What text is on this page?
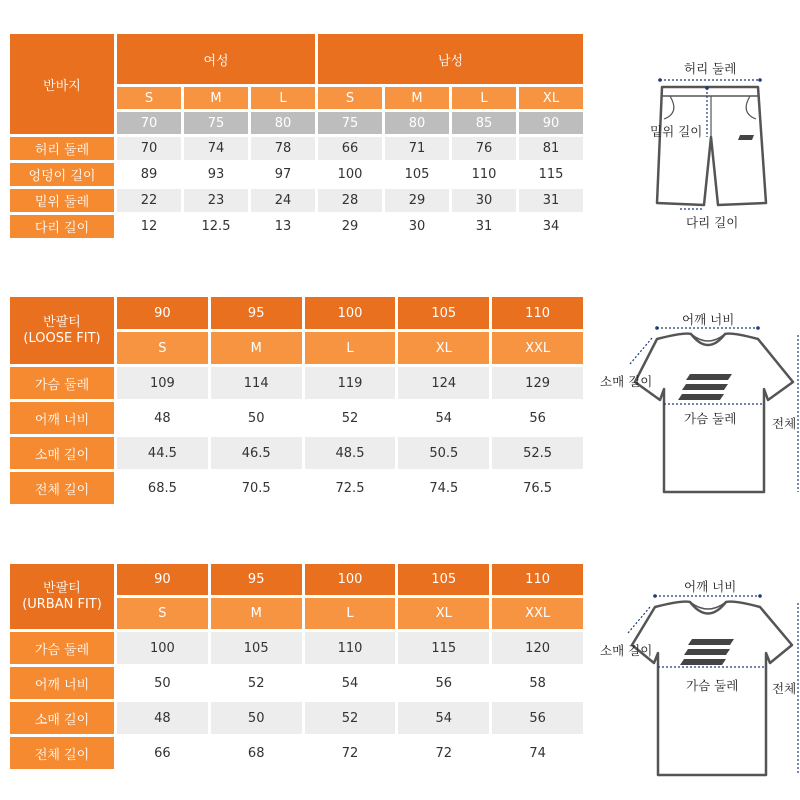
반바지	여성			남성			
	S	M	L	S	M	L	XL
	70	75	80	75	80	85	90
허리 둘레	70	74	78	66	71	76	81
엉덩이 길이	89	93	97	100	105	110	115
밑위 둘레	22	23	24	28	29	30	31
다리 길이	12	12.5	13	29	30	31	34
반팔티
(LOOSE FIT)	90	95	100	105	110
	S	M	L	XL	XXL
가슴 둘레	109	114	119	124	129
어깨 너비	48	50	52	54	56
소매 길이	44.5	46.5	48.5	50.5	52.5
전체 길이	68.5	70.5	72.5	74.5	76.5
반팔티
(URBAN FIT)	90	95	100	105	110
	S	M	L	XL	XXL
가슴 둘레	100	105	110	115	120
어깨 너비	50	52	54	56	58
소매 길이	48	50	52	54	56
전체 길이	66	68	72	72	74
허리 둘레
밑위 길이
다리 길이
어깨 너비
소매 길이
가슴 둘레	전체
어깨 너비
소매 길이
가슴 둘레	전체
